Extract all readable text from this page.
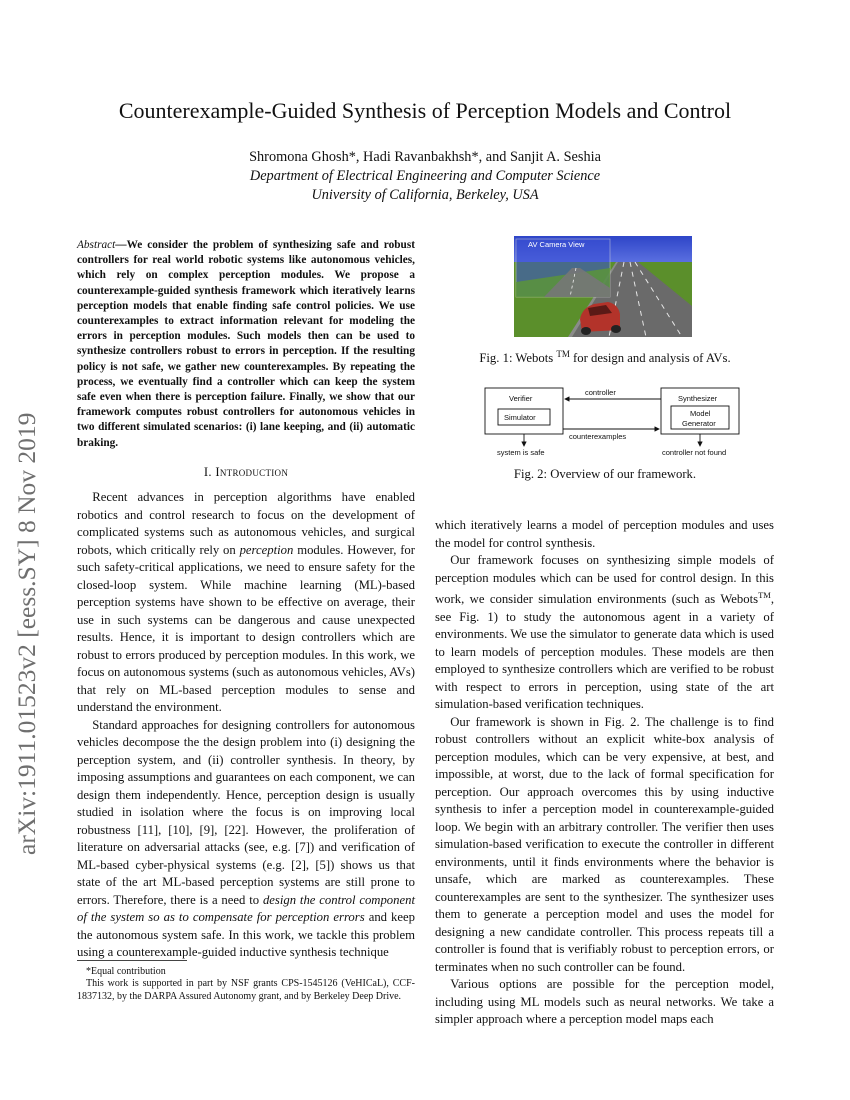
arXiv:1911.01523v2 [eess.SY] 8 Nov 2019
Counterexample-Guided Synthesis of Perception Models and Control
Shromona Ghosh*, Hadi Ravanbakhsh*, and Sanjit A. Seshia
Department of Electrical Engineering and Computer Science
University of California, Berkeley, USA
Abstract—We consider the problem of synthesizing safe and robust controllers for real world robotic systems like autonomous vehicles, which rely on complex perception modules. We propose a counterexample-guided synthesis framework which iteratively learns perception models that enable finding safe control policies. We use counterexamples to extract information relevant for modeling the errors in perception modules. Such models then can be used to synthesize controllers robust to errors in perception. If the resulting policy is not safe, we gather new counterexamples. By repeating the process, we eventually find a controller which can keep the system safe even when there is perception failure. Finally, we show that our framework computes robust controllers for autonomous vehicles in two different simulated scenarios: (i) lane keeping, and (ii) automatic braking.
I. Introduction

Recent advances in perception algorithms have enabled robotics and control research to focus on the development of complicated systems such as autonomous vehicles, and surgical robots, which critically rely on perception modules. However, for such safety-critical applications, we need to ensure safety for the closed-loop system. While machine learning (ML)-based perception systems have shown to be effective on average, their use in such systems can be dangerous and cause unexpected results. Hence, it is important to design controllers which are robust to errors produced by perception modules. In this work, we focus on autonomous systems (such as autonomous vehicles, AVs) that rely on ML-based perception modules to sense and understand the environment.

Standard approaches for designing controllers for autonomous vehicles decompose the the design problem into (i) designing the perception system, and (ii) controller synthesis. In theory, by imposing assumptions and guarantees on each component, we can design them independently. Hence, perception design is usually studied in isolation where the focus is on improving local robustness [11], [10], [9], [22]. However, the proliferation of literature on adversarial attacks (see, e.g. [7]) and verification of ML-based cyber-physical systems (e.g. [2], [5]) shows us that state of the art ML-based perception systems are still prone to errors. Therefore, there is a need to design the control component of the system so as to compensate for perception errors and keep the autonomous system safe. In this work, we tackle this problem using a counterexample-guided inductive synthesis technique

*Equal contribution

This work is supported in part by NSF grants CPS-1545126 (VeHICaL), CCF-1837132, by the DARPA Assured Autonomy grant, and by Berkeley Deep Drive.

AV Camera View
Fig. 1: Webots ™ for design and analysis of AVs.
Verifier
Simulator
Synthesizer
Model
Generator
controller
counterexamples
system is safe	controller not found
Fig. 2: Overview of our framework.

which iteratively learns a model of perception modules and uses the model for control synthesis.

Our framework focuses on synthesizing simple models of perception modules which can be used for control design. In this work, we consider simulation environments (such as Webots™, see Fig. 1) to study the autonomous agent in a variety of environments. We use the simulator to generate data which is used to learn models of perception modules. These models are then employed to synthesize controllers which are verified to be robust with respect to errors in perception, using state of the art simulation-based verification techniques.

Our framework is shown in Fig. 2. The challenge is to find robust controllers without an explicit white-box analysis of perception modules, which can be very expensive, at best, and impossible, at worst, due to the lack of formal specification for perception. Our approach overcomes this by using inductive synthesis to infer a perception model in counterexample-guided loop. We begin with an arbitrary controller. The verifier then uses simulation-based verification to execute the controller in different environments, until it finds environments where the behavior is unsafe, which are marked as counterexamples. These counterexamples are sent to the synthesizer. The synthesizer uses them to generate a perception model and uses the model for designing a new candidate controller. This process repeats till a controller is found that is verifiably robust to perception errors, or terminates when no such controller can be found.

Various options are possible for the perception model, including using ML models such as neural networks. We take a simpler approach where a perception model maps each
